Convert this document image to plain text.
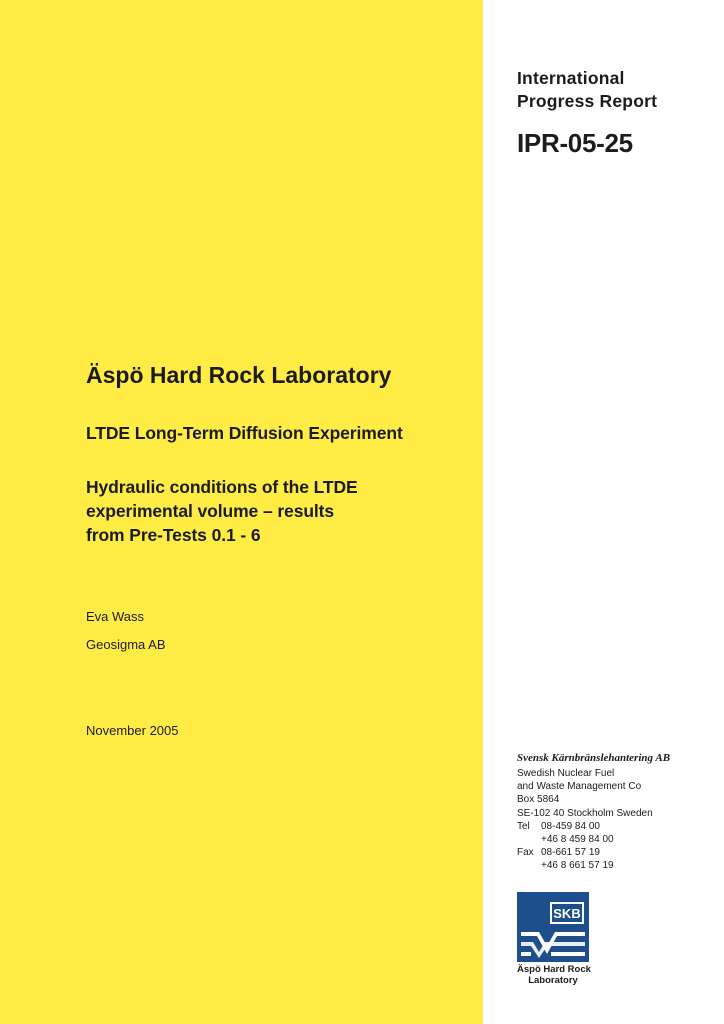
International
Progress Report
IPR-05-25
Äspö Hard Rock Laboratory
LTDE Long-Term Diffusion Experiment
Hydraulic conditions of the LTDE
experimental volume – results
from Pre-Tests 0.1 - 6
Eva Wass
Geosigma AB
November 2005
Svensk Kärnbränslehantering AB
Swedish Nuclear Fuel
and Waste Management Co
Box 5864
SE-102 40 Stockholm Sweden
Tel	08-459 84 00
+46 8 459 84 00
Fax 08-661 57 19
+46 8 661 57 19
SKB
Äspö Hard Rock
Laboratory
